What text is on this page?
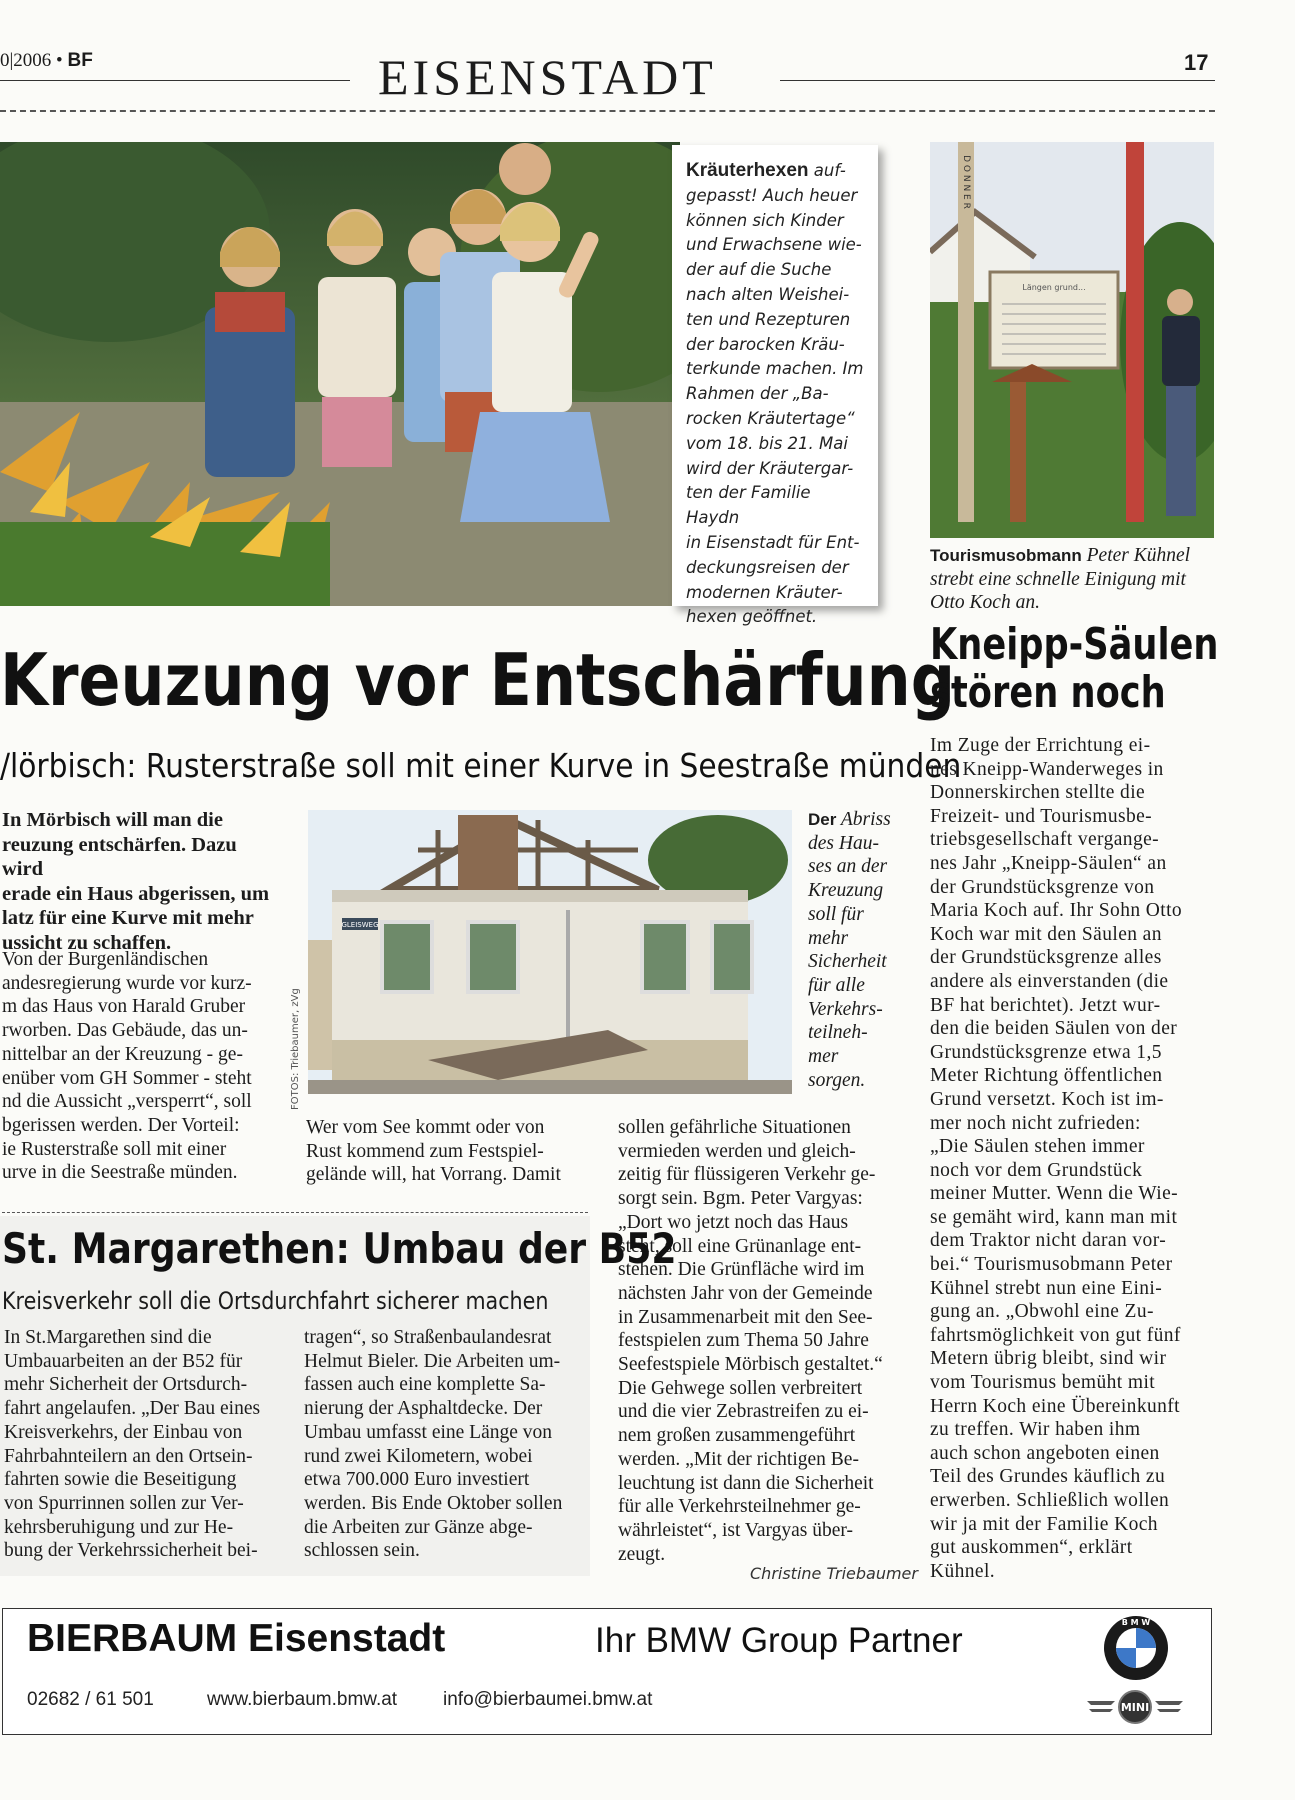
0|2006 • BF	EISENSTADT	17
Kräuterhexen auf-
gepasst! Auch heuer
können sich Kinder
und Erwachsene wie-
der auf die Suche
nach alten Weishei-
ten und Rezepturen
der barocken Kräu-
terkunde machen. Im
Rahmen der „Ba-
rocken Kräutertage“
vom 18. bis 21. Mai
wird der Kräutergar-
ten der Familie Haydn
in Eisenstadt für Ent-
deckungsreisen der
modernen Kräuter-
hexen geöffnet.
D O N N E R
Längen grund...
Tourismusobmann Peter Kühnel
strebt eine schnelle Einigung mit
Otto Koch an.
Kreuzung vor Entschärfung
/lörbisch: Rusterstraße soll mit einer Kurve in Seestraße münden
In Mörbisch will man die
reuzung entschärfen. Dazu wird
erade ein Haus abgerissen, um
latz für eine Kurve mit mehr
ussicht zu schaffen.
Von der Burgenländischen
andesregierung wurde vor kurz-
m das Haus von Harald Gruber
rworben. Das Gebäude, das un-
nittelbar an der Kreuzung - ge-
enüber vom GH Sommer - steht
nd die Aussicht „versperrt“, soll
bgerissen werden. Der Vorteil:
ie Rusterstraße soll mit einer
urve in die Seestraße münden.
GLEISWEG
FOTOS: Triebaumer, zVg
Der Abriss
des Hau-
ses an der
Kreuzung
soll für
mehr
Sicherheit
für alle
Verkehrs-
teilneh-
mer
sorgen.
Wer vom See kommt oder von
Rust kommend zum Festspiel-
gelände will, hat Vorrang. Damit
sollen gefährliche Situationen
vermieden werden und gleich-
zeitig für flüssigeren Verkehr ge-
sorgt sein. Bgm. Peter Vargyas:
„Dort wo jetzt noch das Haus
steht, soll eine Grünanlage ent-
stehen. Die Grünfläche wird im
nächsten Jahr von der Gemeinde
in Zusammenarbeit mit den See-
festspielen zum Thema 50 Jahre
Seefestspiele Mörbisch gestaltet.“
Die Gehwege sollen verbreitert
und die vier Zebrastreifen zu ei-
nem großen zusammengeführt
werden. „Mit der richtigen Be-
leuchtung ist dann die Sicherheit
für alle Verkehrsteilnehmer ge-
währleistet“, ist Vargyas über-
zeugt.
Christine Triebaumer
St. Margarethen: Umbau der B52
Kreisverkehr soll die Ortsdurchfahrt sicherer machen
In St.Margarethen sind die
Umbauarbeiten an der B52 für
mehr Sicherheit der Ortsdurch-
fahrt angelaufen. „Der Bau eines
Kreisverkehrs, der Einbau von
Fahrbahnteilern an den Ortsein-
fahrten sowie die Beseitigung
von Spurrinnen sollen zur Ver-
kehrsberuhigung und zur He-
bung der Verkehrssicherheit bei-
tragen“, so Straßenbaulandesrat
Helmut Bieler. Die Arbeiten um-
fassen auch eine komplette Sa-
nierung der Asphaltdecke. Der
Umbau umfasst eine Länge von
rund zwei Kilometern, wobei
etwa 700.000 Euro investiert
werden. Bis Ende Oktober sollen
die Arbeiten zur Gänze abge-
schlossen sein.
Kneipp-Säulen
stören noch
Im Zuge der Errichtung ei-
nes Kneipp-Wanderweges in
Donnerskirchen stellte die
Freizeit- und Tourismusbe-
triebsgesellschaft vergange-
nes Jahr „Kneipp-Säulen“ an
der Grundstücksgrenze von
Maria Koch auf. Ihr Sohn Otto
Koch war mit den Säulen an
der Grundstücksgrenze alles
andere als einverstanden (die
BF hat berichtet). Jetzt wur-
den die beiden Säulen von der
Grundstücksgrenze etwa 1,5
Meter Richtung öffentlichen
Grund versetzt. Koch ist im-
mer noch nicht zufrieden:
„Die Säulen stehen immer
noch vor dem Grundstück
meiner Mutter. Wenn die Wie-
se gemäht wird, kann man mit
dem Traktor nicht daran vor-
bei.“ Tourismusobmann Peter
Kühnel strebt nun eine Eini-
gung an. „Obwohl eine Zu-
fahrtsmöglichkeit von gut fünf
Metern übrig bleibt, sind wir
vom Tourismus bemüht mit
Herrn Koch eine Übereinkunft
zu treffen. Wir haben ihm
auch schon angeboten einen
Teil des Grundes käuflich zu
erwerben. Schließlich wollen
wir ja mit der Familie Koch
gut auskommen“, erklärt
Kühnel.
BIERBAUM Eisenstadt	Ihr BMW Group Partner
02682 / 61 501	www.bierbaum.bmw.at info@bierbaumei.bmw.at
B M W
MINI
